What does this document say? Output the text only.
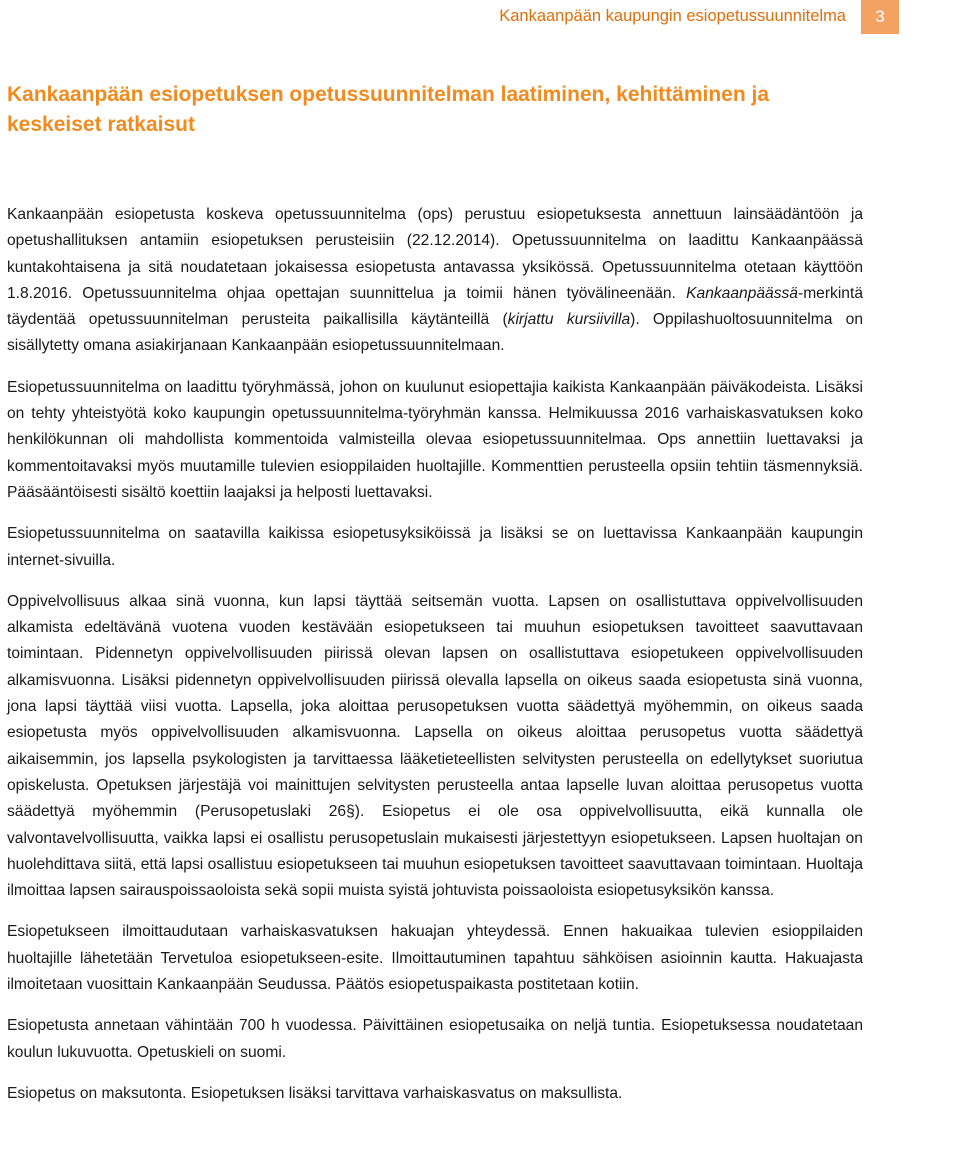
Kankaanpään kaupungin esiopetussuunnitelma	3
Kankaanpään esiopetuksen opetussuunnitelman laatiminen, kehittäminen ja keskeiset ratkaisut

Kankaanpään esiopetusta koskeva opetussuunnitelma (ops) perustuu esiopetuksesta annettuun lainsäädäntöön ja opetushallituksen antamiin esiopetuksen perusteisiin (22.12.2014). Opetussuunnitelma on laadittu Kankaanpäässä kuntakohtaisena ja sitä noudatetaan jokaisessa esiopetusta antavassa yksikössä. Opetussuunnitelma otetaan käyttöön 1.8.2016. Opetussuunnitelma ohjaa opettajan suunnittelua ja toimii hänen työvälineenään. Kankaanpäässä-merkintä täydentää opetussuunnitelman perusteita paikallisilla käytänteillä (kirjattu kursiivilla). Oppilashuoltosuunnitelma on sisällytetty omana asiakirjanaan Kankaanpään esiopetussuunnitelmaan.

Esiopetussuunnitelma on laadittu työryhmässä, johon on kuulunut esiopettajia kaikista Kankaanpään päiväkodeista. Lisäksi on tehty yhteistyötä koko kaupungin opetussuunnitelma-työryhmän kanssa. Helmikuussa 2016 varhaiskasvatuksen koko henkilökunnan oli mahdollista kommentoida valmisteilla olevaa esiopetussuunnitelmaa. Ops annettiin luettavaksi ja kommentoitavaksi myös muutamille tulevien esioppilaiden huoltajille. Kommenttien perusteella opsiin tehtiin täsmennyksiä. Pääsääntöisesti sisältö koettiin laajaksi ja helposti luettavaksi.

Esiopetussuunnitelma on saatavilla kaikissa esiopetusyksiköissä ja lisäksi se on luettavissa Kankaanpään kaupungin internet-sivuilla.

Oppivelvollisuus alkaa sinä vuonna, kun lapsi täyttää seitsemän vuotta. Lapsen on osallistuttava oppivelvollisuuden alkamista edeltävänä vuotena vuoden kestävään esiopetukseen tai muuhun esiopetuksen tavoitteet saavuttavaan toimintaan. Pidennetyn oppivelvollisuuden piirissä olevan lapsen on osallistuttava esiopetukeen oppivelvollisuuden alkamisvuonna. Lisäksi pidennetyn oppivelvollisuuden piirissä olevalla lapsella on oikeus saada esiopetusta sinä vuonna, jona lapsi täyttää viisi vuotta. Lapsella, joka aloittaa perusopetuksen vuotta säädettyä myöhemmin, on oikeus saada esiopetusta myös oppivelvollisuuden alkamisvuonna. Lapsella on oikeus aloittaa perusopetus vuotta säädettyä aikaisemmin, jos lapsella psykologisten ja tarvittaessa lääketieteellisten selvitysten perusteella on edellytykset suoriutua opiskelusta. Opetuksen järjestäjä voi mainittujen selvitysten perusteella antaa lapselle luvan aloittaa perusopetus vuotta säädettyä myöhemmin (Perusopetuslaki 26§). Esiopetus ei ole osa oppivelvollisuutta, eikä kunnalla ole valvontavelvollisuutta, vaikka lapsi ei osallistu perusopetuslain mukaisesti järjestettyyn esiopetukseen. Lapsen huoltajan on huolehdittava siitä, että lapsi osallistuu esiopetukseen tai muuhun esiopetuksen tavoitteet saavuttavaan toimintaan. Huoltaja ilmoittaa lapsen sairauspoissaoloista sekä sopii muista syistä johtuvista poissaoloista esiopetusyksikön kanssa.

Esiopetukseen ilmoittaudutaan varhaiskasvatuksen hakuajan yhteydessä. Ennen hakuaikaa tulevien esioppilaiden huoltajille lähetetään Tervetuloa esiopetukseen-esite. Ilmoittautuminen tapahtuu sähköisen asioinnin kautta. Hakuajasta ilmoitetaan vuosittain Kankaanpään Seudussa. Päätös esiopetuspaikasta postitetaan kotiin.

Esiopetusta annetaan vähintään 700 h vuodessa. Päivittäinen esiopetusaika on neljä tuntia. Esiopetuksessa noudatetaan koulun lukuvuotta. Opetuskieli on suomi.

Esiopetus on maksutonta. Esiopetuksen lisäksi tarvittava varhaiskasvatus on maksullista.
